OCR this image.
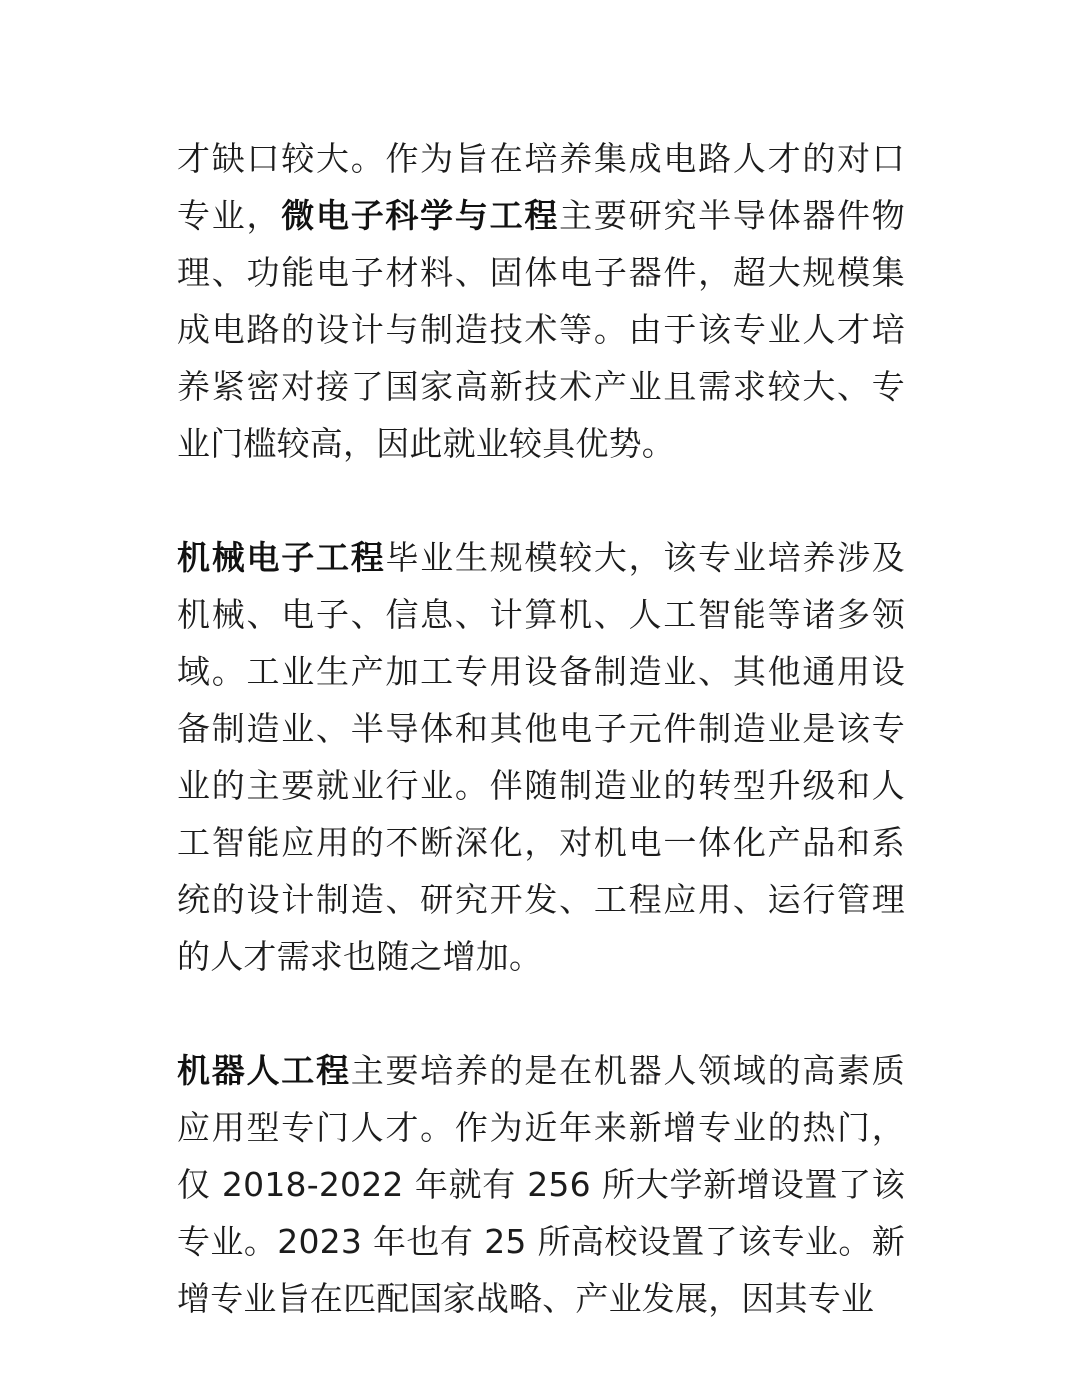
才缺口较大。作为旨在培养集成电路人才的对口专业，微电子科学与工程主要研究半导体器件物理、功能电子材料、固体电子器件，超大规模集成电路的设计与制造技术等。由于该专业人才培养紧密对接了国家高新技术产业且需求较大、专业门槛较高，因此就业较具优势。

机械电子工程毕业生规模较大，该专业培养涉及机械、电子、信息、计算机、人工智能等诸多领域。工业生产加工专用设备制造业、其他通用设备制造业、半导体和其他电子元件制造业是该专业的主要就业行业。伴随制造业的转型升级和人工智能应用的不断深化，对机电一体化产品和系统的设计制造、研究开发、工程应用、运行管理的人才需求也随之增加。

机器人工程主要培养的是在机器人领域的高素质应用型专门人才。作为近年来新增专业的热门，仅 2018-2022 年就有 256 所大学新增设置了该专业。2023 年也有 25 所高校设置了该专业。新增专业旨在匹配国家战略、产业发展，因其专业
